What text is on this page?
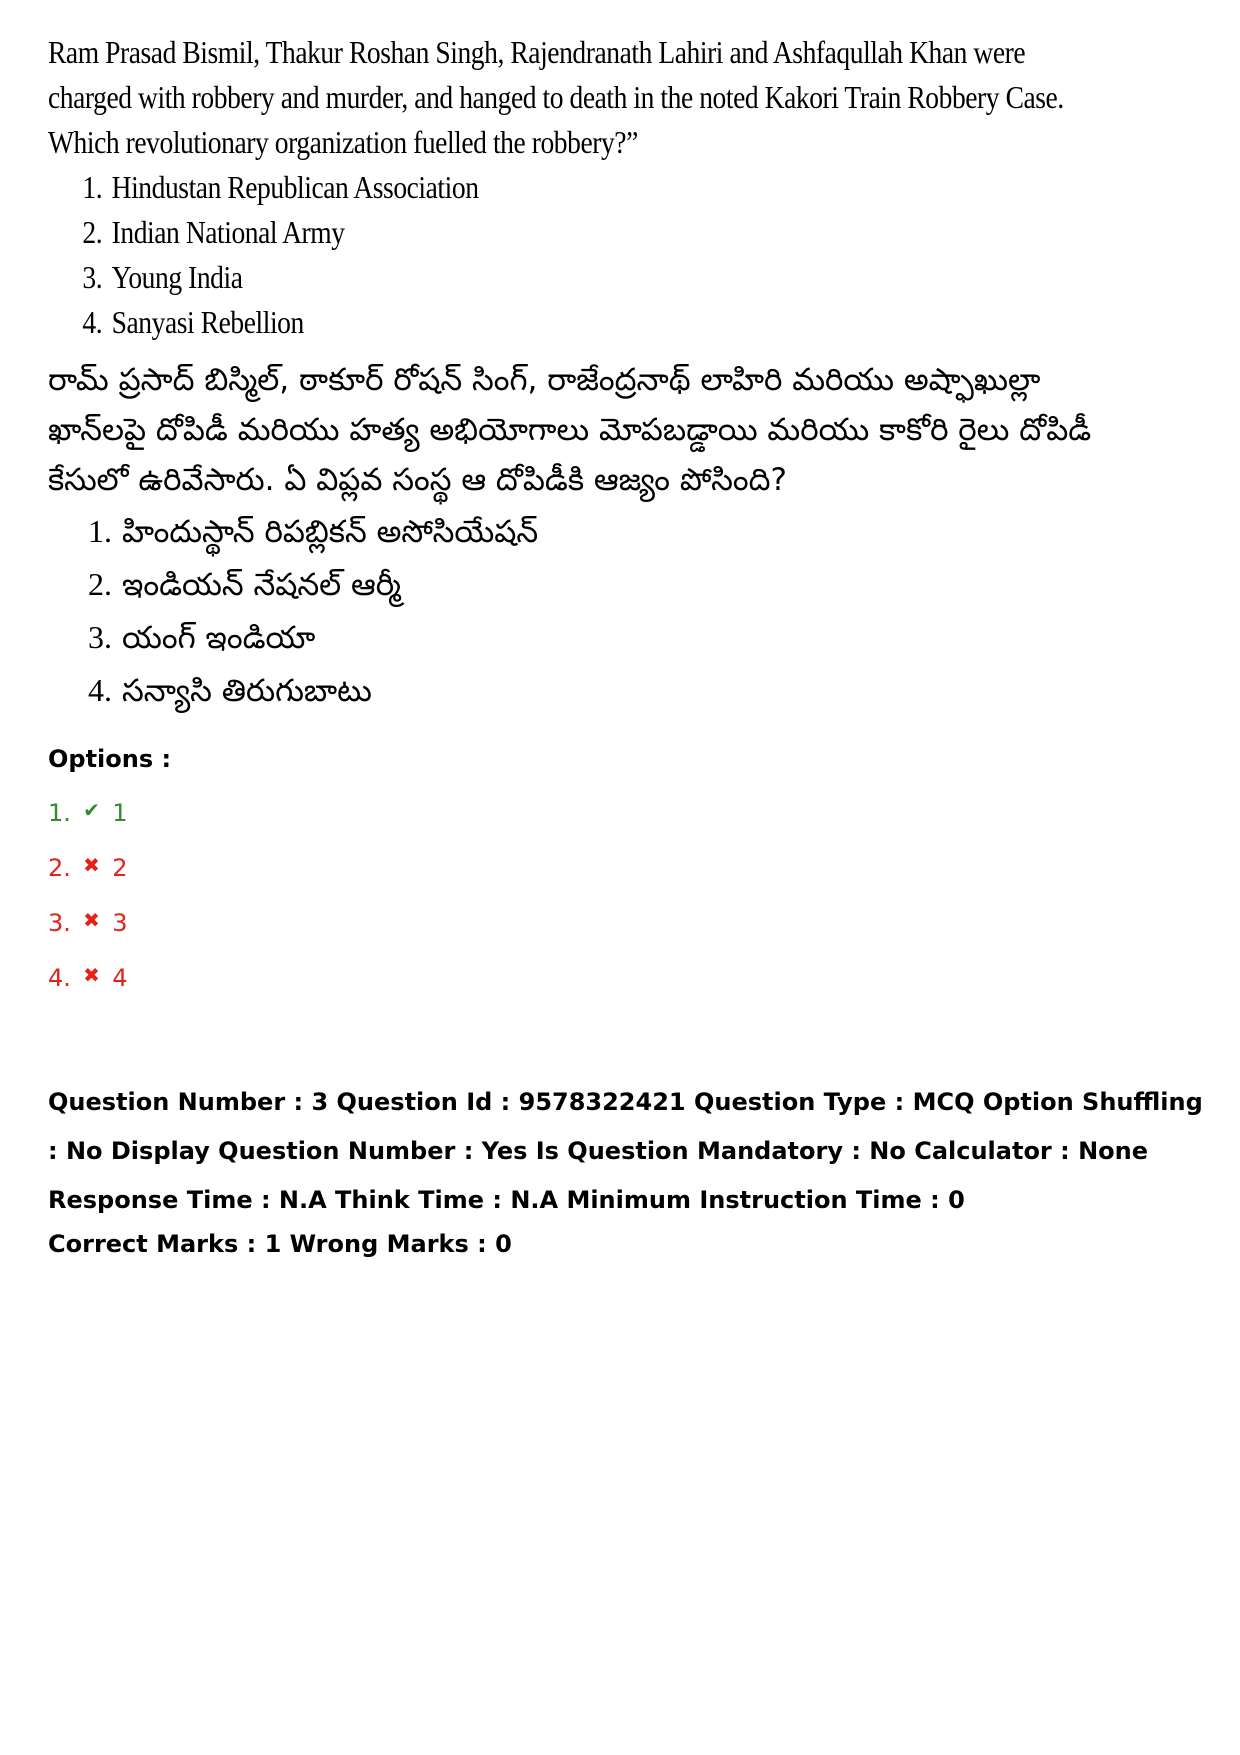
Ram Prasad Bismil, Thakur Roshan Singh, Rajendranath Lahiri and Ashfaqullah Khan were

charged with robbery and murder, and hanged to death in the noted Kakori Train Robbery Case.

Which revolutionary organization fuelled the robbery?”

1. Hindustan Republican Association
2. Indian National Army
3. Young India
4. Sanyasi Rebellion

రామ్ ప్రసాద్ బిస్మిల్, ఠాకూర్ రోషన్ సింగ్, రాజేంద్రనాథ్ లాహిరి మరియు అష్ఫాఖుల్లా

ఖాన్‌లపై దోపిడీ మరియు హత్య అభియోగాలు మోపబడ్డాయి మరియు కాకోరి రైలు దోపిడీ

కేసులో ఉరివేసారు. ఏ విప్లవ సంస్థ ఆ దోపిడీకి ఆజ్యం పోసింది?

1. హిందుస్థాన్ రిపబ్లికన్ అసోసియేషన్
2. ఇండియన్ నేషనల్ ఆర్మీ
3. యంగ్ ఇండియా
4. సన్యాసి తిరుగుబాటు
Options :
1. ✔ 1
2. ✖ 2
3. ✖ 3
4. ✖ 4
Question Number : 3 Question Id : 9578322421 Question Type : MCQ Option Shuffling : No Display Question Number : Yes Is Question Mandatory : No Calculator : None Response Time : N.A Think Time : N.A Minimum Instruction Time : 0
Correct Marks : 1 Wrong Marks : 0
